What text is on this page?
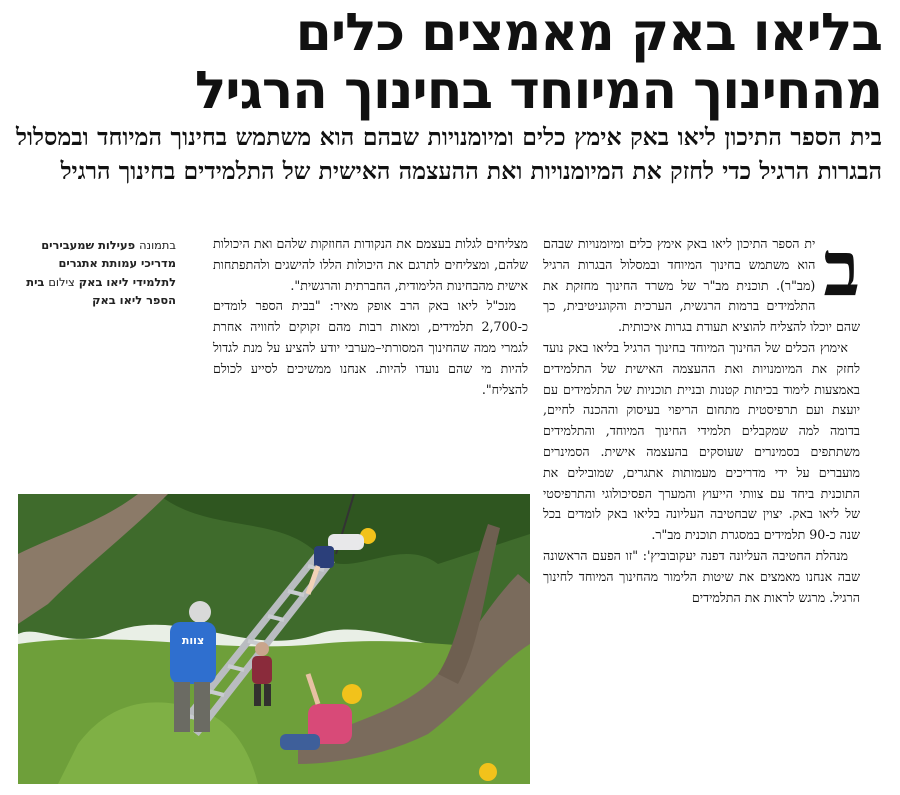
בליאו באק מאמצים כלים
מהחינוך המיוחד בחינוך הרגיל

בית הספר התיכון ליאו באק אימץ כלים ומיומנויות שבהם הוא משתמש בחינוך המיוחד ובמסלול הבגרות הרגיל כדי לחזק את המיומנויות ואת ההעצמה האישית של התלמידים בחינוך הרגיל

ב

ית הספר התיכון ליאו באק אימץ כלים ומיומנויות שבהם הוא משתמש בחינוך המיוחד ובמסלול הבגרות הרגיל (מב"ר). תוכנית מב"ר של משרד החינוך מחזקת את התלמידים ברמות הרגשית, הערכית והקוגניטיבית, כך שהם יוכלו להצליח להוציא תעודת בגרות איכותית.

אימוץ הכלים של החינוך המיוחד בחינוך הרגיל בליאו באק נועד לחזק את המיומנויות ואת ההעצמה האישית של התלמידים באמצעות לימוד בכיתות קטנות ובניית תוכניות של התלמידים עם יועצת ועם תרפיסטית מתחום הריפוי בעיסוק וההכנה לחיים, בדומה למה שמקבלים תלמידי החינוך המיוחד, והתלמידים משתתפים בסמינרים שעוסקים בהעצמה אישית. הסמינרים מועברים על ידי מדריכים מעמותות אתגרים, שמובילים את התוכנית ביחד עם צוותי הייעוץ והמערך הפסיכולוגי והתרפיסטי של ליאו באק. יצוין שבחטיבה העליונה בליאו באק לומדים בכל שנה כ-90 תלמידים במסגרת תוכנית מב"ר.

מנהלת החטיבה העליונה דפנה יעקובוביץ': "זו הפעם הראשונה שבה אנחנו מאמצים את שיטות הלימור מהחינוך המיוחד לחינוך הרגיל. מרגש לראות את התלמידים

מצליחים לגלות בעצמם את הנקודות החוזקות שלהם ואת היכולות שלהם, ומצליחים לתרגם את היכולות הללו להישגים ולהתפתחות אישית מהבחינות הלימודית, החברתית והרגשית".

מנכ"ל ליאו באק הרב אופק מאיר: "בבית הספר לומדים כ-2,700 תלמידים, ומאות רבות מהם זקוקים לחוויה אחרת לגמרי ממה שהחינוך המסורתי–מערבי יודע להציע על מנת לגדול להיות מי שהם נועדו להיות. אנחנו ממשיכים לסייע לכולם להצליח".

בתמונה פעילות שמעבירים מדריכי עמותת אתגרים לתלמידי ליאו באק צילום בית הספר ליאו באק
צוות
